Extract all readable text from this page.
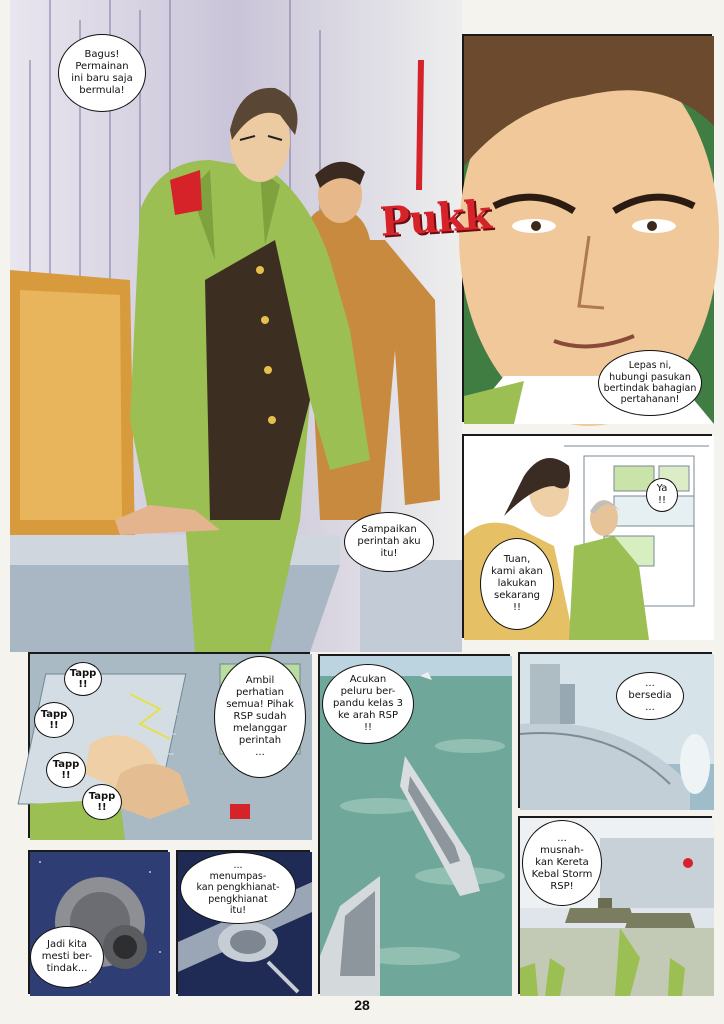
Pukk
Bagus!
Permainan
ini baru saja
bermula!
Sampaikan
perintah aku
itu!
Lepas ni,
hubungi pasukan
bertindak bahagian
pertahanan!
Ya
!!
Tuan,
kami akan
lakukan
sekarang
!!
Tapp
!!
Tapp
!!
Tapp
!!
Tapp
!!
Ambil
perhatian
semua! Pihak
RSP sudah
melanggar
perintah
...
Acukan
peluru ber-
pandu kelas 3
ke arah RSP
!!
...
bersedia
...
Jadi kita
mesti ber-
tindak...
...
menumpas-
kan pengkhianat-
pengkhianat
itu!
...
musnah-
kan Kereta
Kebal Storm
RSP!
28
